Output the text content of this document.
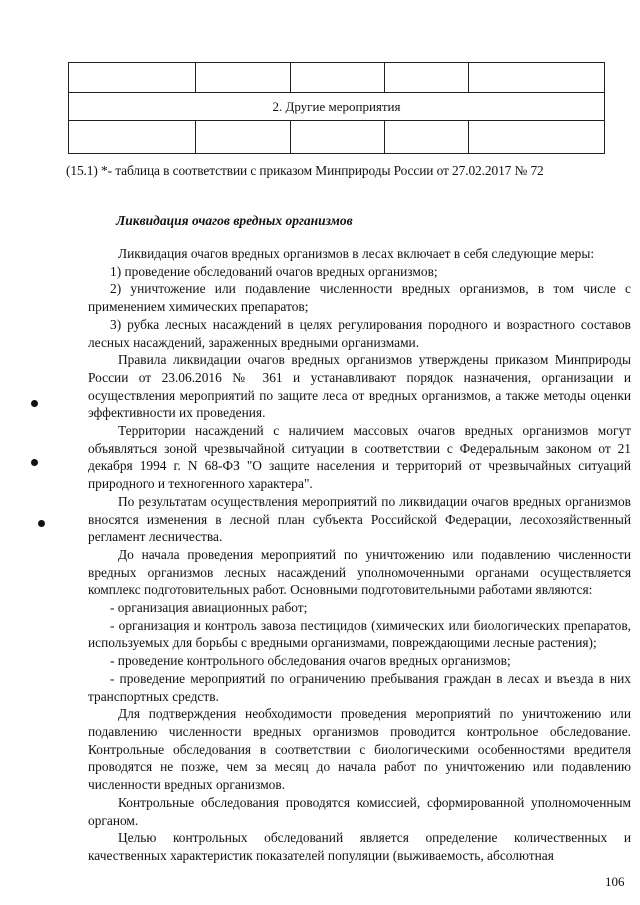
2. Другие мероприятия				

(15.1) *- таблица в соответствии с приказом Минприроды России от 27.02.2017 № 72
Ликвидация очагов вредных организмов

Ликвидация очагов вредных организмов в лесах включает в себя следующие меры:

1) проведение обследований очагов вредных организмов;

2) уничтожение или подавление численности вредных организмов, в том числе с применением химических препаратов;

3) рубка лесных насаждений в целях регулирования породного и возрастного составов лесных насаждений, зараженных вредными организмами.

Правила ликвидации очагов вредных организмов утверждены приказом Минприроды России от 23.06.2016 № 361 и устанавливают порядок назначения, организации и осуществления мероприятий по защите леса от вредных организмов, а также методы оценки эффективности их проведения.

Территории насаждений с наличием массовых очагов вредных организмов могут объявляться зоной чрезвычайной ситуации в соответствии с Федеральным законом от 21 декабря 1994 г. N 68-ФЗ "О защите населения и территорий от чрезвычайных ситуаций природного и техногенного характера".

По результатам осуществления мероприятий по ликвидации очагов вредных организмов вносятся изменения в лесной план субъекта Российской Федерации, лесохозяйственный регламент лесничества.

До начала проведения мероприятий по уничтожению или подавлению численности вредных организмов лесных насаждений уполномоченными органами осуществляется комплекс подготовительных работ. Основными подготовительными работами являются:

- организация авиационных работ;

- организация и контроль завоза пестицидов (химических или биологических препаратов, используемых для борьбы с вредными организмами, повреждающими лесные растения);

- проведение контрольного обследования очагов вредных организмов;

- проведение мероприятий по ограничению пребывания граждан в лесах и въезда в них транспортных средств.

Для подтверждения необходимости проведения мероприятий по уничтожению или подавлению численности вредных организмов проводится контрольное обследование. Контрольные обследования в соответствии с биологическими особенностями вредителя проводятся не позже, чем за месяц до начала работ по уничтожению или подавлению численности вредных организмов.

Контрольные обследования проводятся комиссией, сформированной уполномоченным органом.

Целью контрольных обследований является определение количественных и качественных характеристик показателей популяции (выживаемость, абсолютная

106
